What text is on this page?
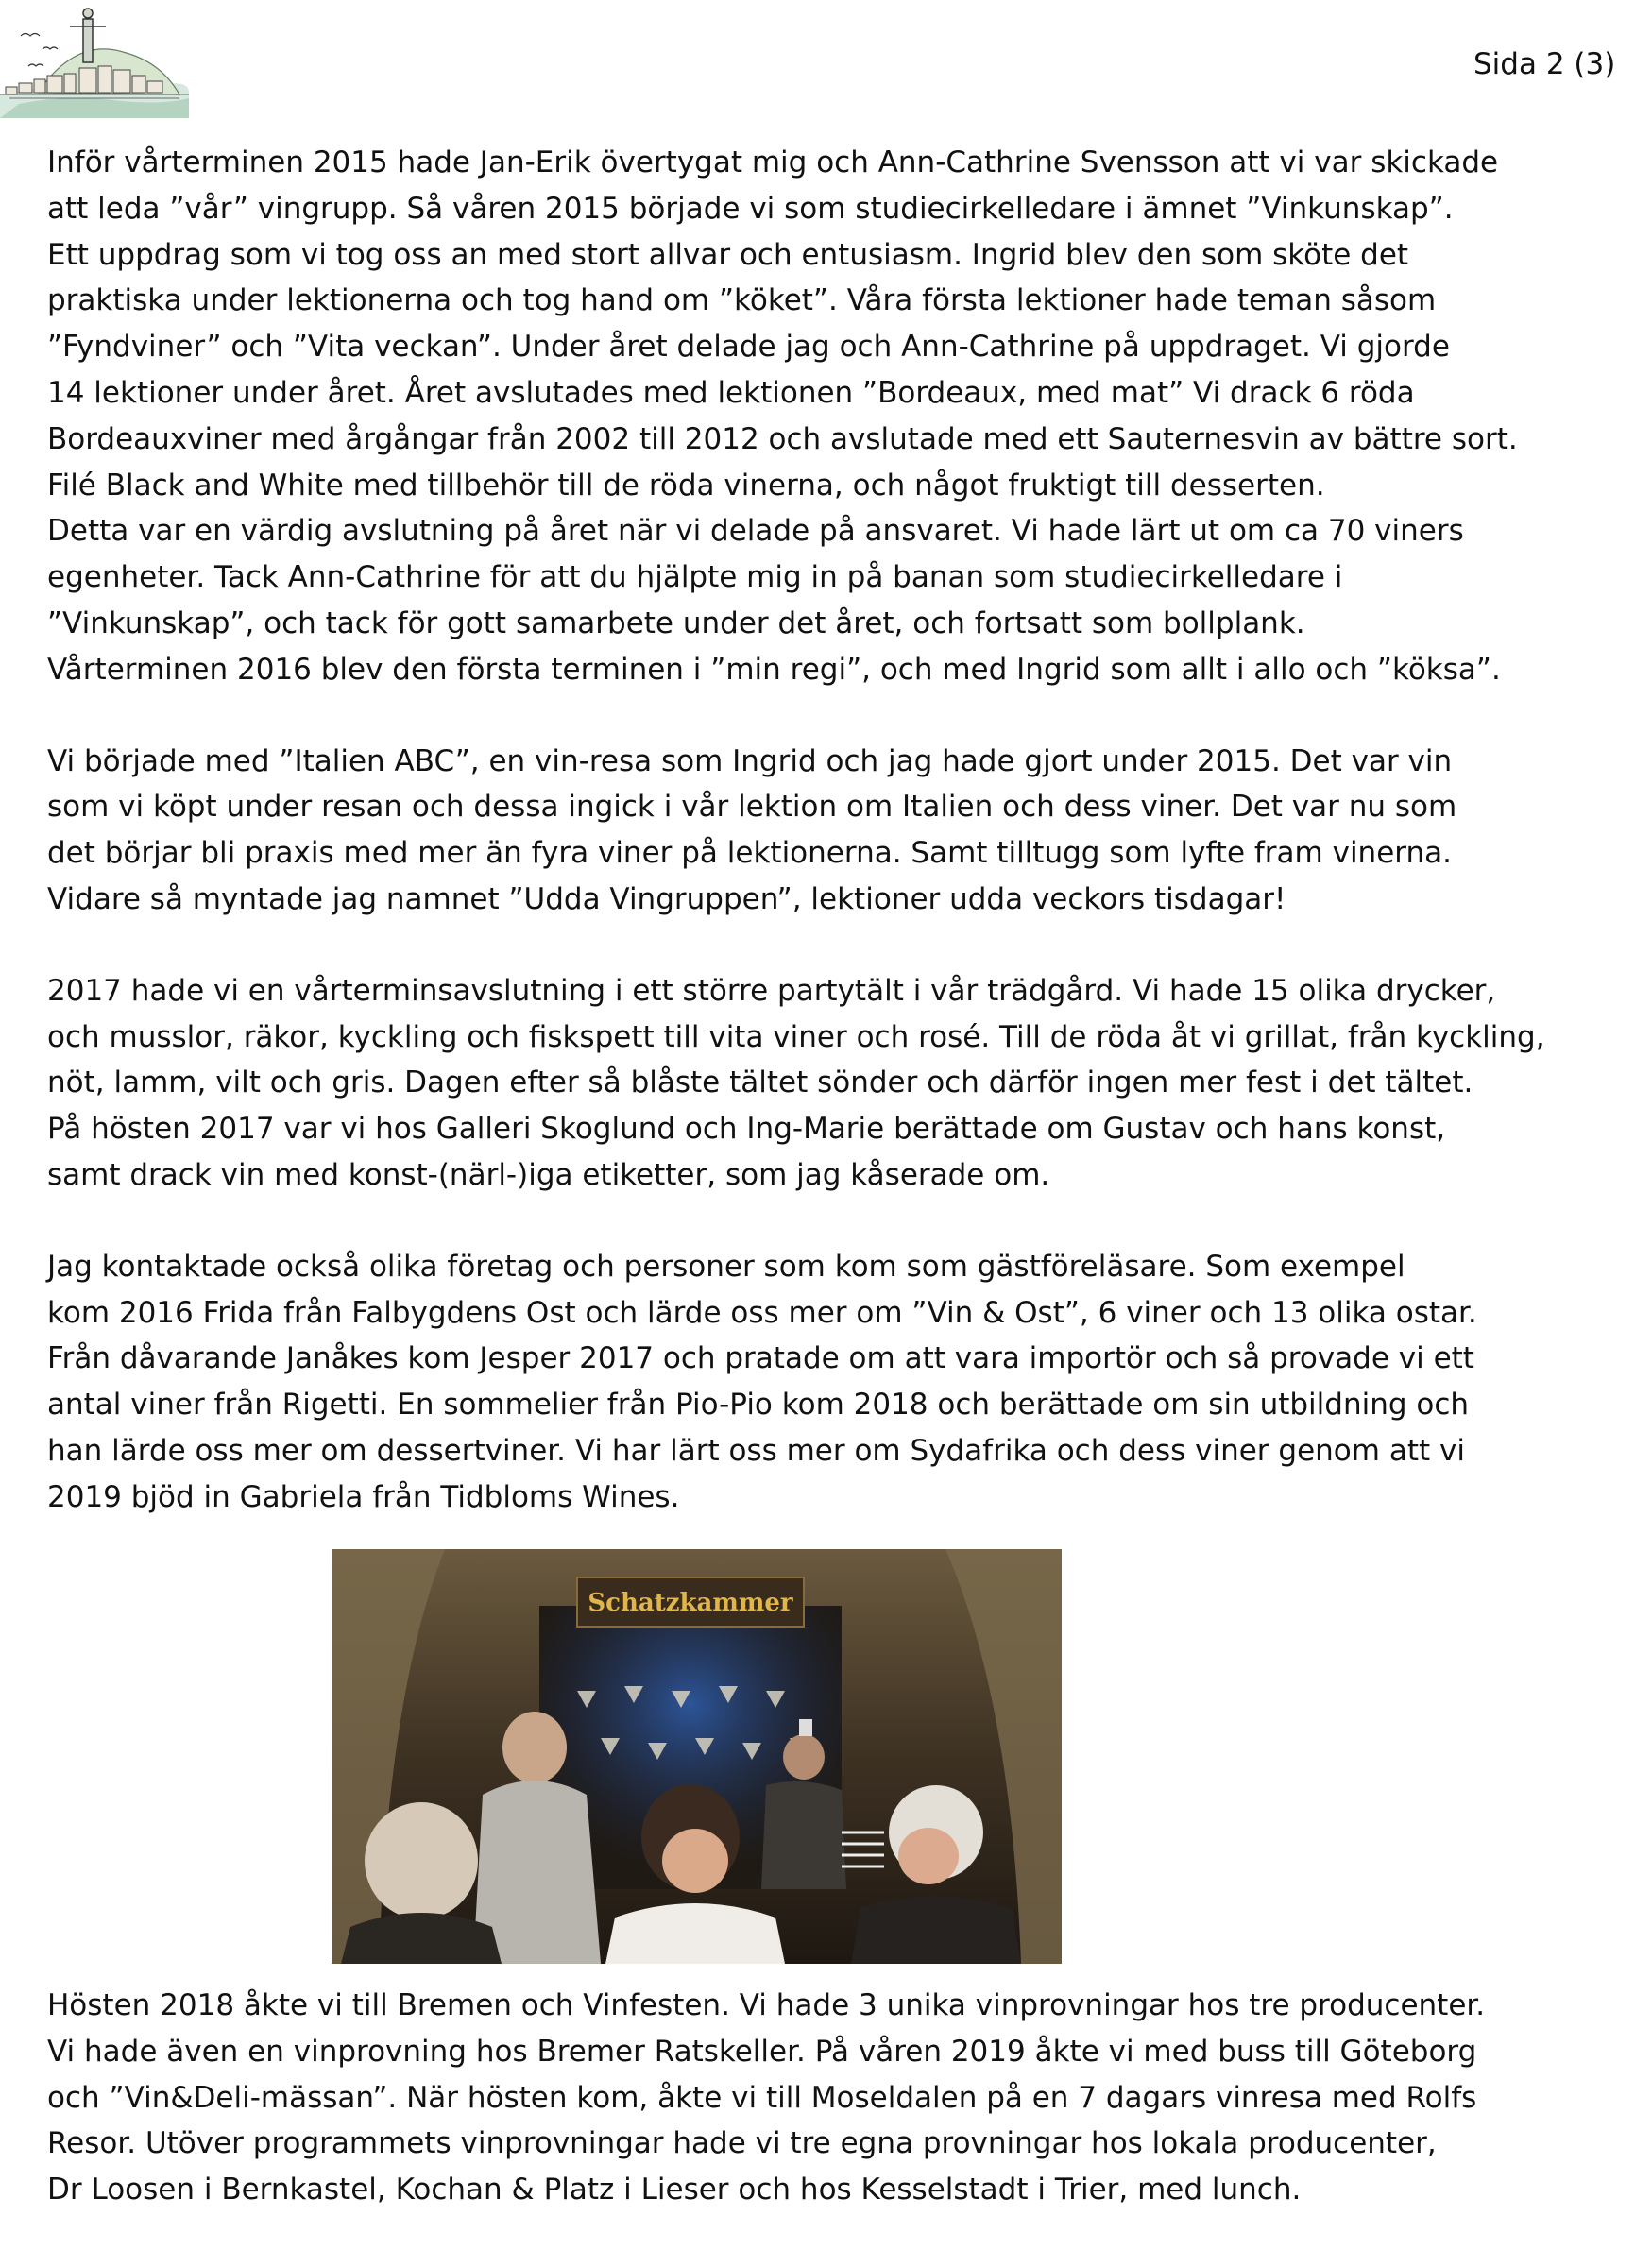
Sida 2 (3)

Inför vårterminen 2015 hade Jan-Erik övertygat mig och Ann-Cathrine Svensson att vi var skickade
att leda ”vår” vingrupp. Så våren 2015 började vi som studiecirkelledare i ämnet ”Vinkunskap”.
Ett uppdrag som vi tog oss an med stort allvar och entusiasm. Ingrid blev den som sköte det
praktiska under lektionerna och tog hand om ”köket”. Våra första lektioner hade teman såsom
”Fyndviner” och ”Vita veckan”. Under året delade jag och Ann-Cathrine på uppdraget. Vi gjorde
14 lektioner under året. Året avslutades med lektionen ”Bordeaux, med mat” Vi drack 6 röda
Bordeauxviner med årgångar från 2002 till 2012 och avslutade med ett Sauternesvin av bättre sort.
Filé Black and White med tillbehör till de röda vinerna, och något fruktigt till desserten.
Detta var en värdig avslutning på året när vi delade på ansvaret. Vi hade lärt ut om ca 70 viners
egenheter. Tack Ann-Cathrine för att du hjälpte mig in på banan som studiecirkelledare i
”Vinkunskap”, och tack för gott samarbete under det året, och fortsatt som bollplank.
Vårterminen 2016 blev den första terminen i ”min regi”, och med Ingrid som allt i allo och ”köksa”.

Vi började med ”Italien ABC”, en vin-resa som Ingrid och jag hade gjort under 2015. Det var vin
som vi köpt under resan och dessa ingick i vår lektion om Italien och dess viner. Det var nu som
det börjar bli praxis med mer än fyra viner på lektionerna. Samt tilltugg som lyfte fram vinerna.
Vidare så myntade jag namnet ”Udda Vingruppen”, lektioner udda veckors tisdagar!

2017 hade vi en vårterminsavslutning i ett större partytält i vår trädgård. Vi hade 15 olika drycker,
och musslor, räkor, kyckling och fiskspett till vita viner och rosé. Till de röda åt vi grillat, från kyckling,
nöt, lamm, vilt och gris. Dagen efter så blåste tältet sönder och därför ingen mer fest i det tältet.
På hösten 2017 var vi hos Galleri Skoglund och Ing-Marie berättade om Gustav och hans konst,
samt drack vin med konst-(närl-)iga etiketter, som jag kåserade om.

Jag kontaktade också olika företag och personer som kom som gästföreläsare. Som exempel
kom 2016 Frida från Falbygdens Ost och lärde oss mer om ”Vin & Ost”, 6 viner och 13 olika ostar.
Från dåvarande Janåkes kom Jesper 2017 och pratade om att vara importör och så provade vi ett
antal viner från Rigetti. En sommelier från Pio-Pio kom 2018 och berättade om sin utbildning och
han lärde oss mer om dessertviner. Vi har lärt oss mer om Sydafrika och dess viner genom att vi
2019 bjöd in Gabriela från Tidbloms Wines.

Schatzkammer
Hösten 2018 åkte vi till Bremen och Vinfesten. Vi hade 3 unika vinprovningar hos tre producenter.
Vi hade även en vinprovning hos Bremer Ratskeller. På våren 2019 åkte vi med buss till Göteborg
och ”Vin&Deli-mässan”. När hösten kom, åkte vi till Moseldalen på en 7 dagars vinresa med Rolfs
Resor. Utöver programmets vinprovningar hade vi tre egna provningar hos lokala producenter,
Dr Loosen i Bernkastel, Kochan & Platz i Lieser och hos Kesselstadt i Trier, med lunch.
